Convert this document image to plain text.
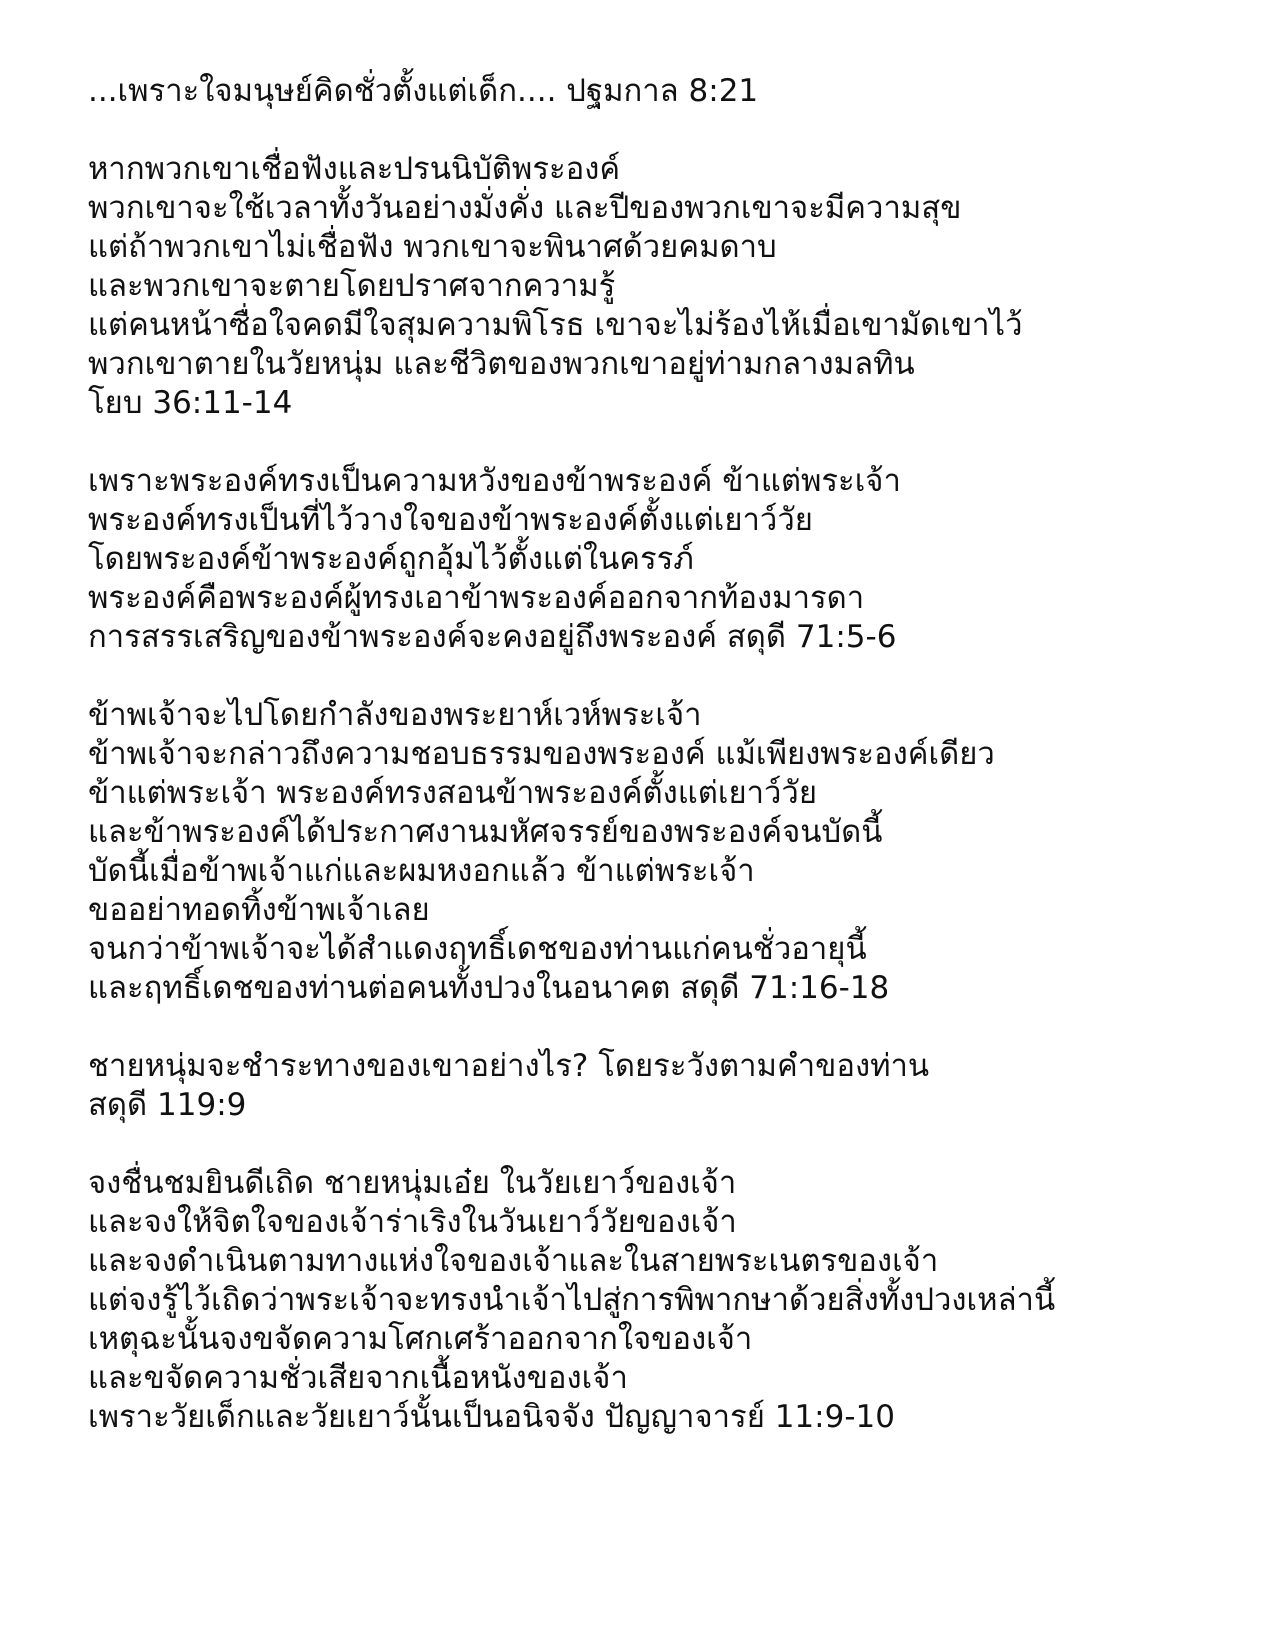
...เพราะใจมนุษย์คิดชั่วตั้งแต่เด็ก.... ปฐมกาล 8:21

หากพวกเขาเชื่อฟังและปรนนิบัติพระองค์
พวกเขาจะใช้เวลาทั้งวันอย่างมั่งคั่ง และปีของพวกเขาจะมีความสุข
แต่ถ้าพวกเขาไม่เชื่อฟัง พวกเขาจะพินาศด้วยคมดาบ
และพวกเขาจะตายโดยปราศจากความรู้
แต่คนหน้าซื่อใจคดมีใจสุมความพิโรธ เขาจะไม่ร้องไห้เมื่อเขามัดเขาไว้
พวกเขาตายในวัยหนุ่ม และชีวิตของพวกเขาอยู่ท่ามกลางมลทิน
โยบ 36:11-14

เพราะพระองค์ทรงเป็นความหวังของข้าพระองค์ ข้าแต่พระเจ้า
พระองค์ทรงเป็นที่ไว้วางใจของข้าพระองค์ตั้งแต่เยาว์วัย
โดยพระองค์ข้าพระองค์ถูกอุ้มไว้ตั้งแต่ในครรภ์
พระองค์คือพระองค์ผู้ทรงเอาข้าพระองค์ออกจากท้องมารดา
การสรรเสริญของข้าพระองค์จะคงอยู่ถึงพระองค์ สดุดี 71:5-6

ข้าพเจ้าจะไปโดยกำลังของพระยาห์เวห์พระเจ้า
ข้าพเจ้าจะกล่าวถึงความชอบธรรมของพระองค์ แม้เพียงพระองค์เดียว
ข้าแต่พระเจ้า พระองค์ทรงสอนข้าพระองค์ตั้งแต่เยาว์วัย
และข้าพระองค์ได้ประกาศงานมหัศจรรย์ของพระองค์จนบัดนี้
บัดนี้เมื่อข้าพเจ้าแก่และผมหงอกแล้ว ข้าแต่พระเจ้า
ขออย่าทอดทิ้งข้าพเจ้าเลย
จนกว่าข้าพเจ้าจะได้สำแดงฤทธิ์เดชของท่านแก่คนชั่วอายุนี้
และฤทธิ์เดชของท่านต่อคนทั้งปวงในอนาคต สดุดี 71:16-18

ชายหนุ่มจะชำระทางของเขาอย่างไร? โดยระวังตามคำของท่าน
สดุดี 119:9

จงชื่นชมยินดีเถิด ชายหนุ่มเอ๋ย ในวัยเยาว์ของเจ้า
และจงให้จิตใจของเจ้าร่าเริงในวันเยาว์วัยของเจ้า
และจงดำเนินตามทางแห่งใจของเจ้าและในสายพระเนตรของเจ้า
แต่จงรู้ไว้เถิดว่าพระเจ้าจะทรงนำเจ้าไปสู่การพิพากษาด้วยสิ่งทั้งปวงเหล่านี้
เหตุฉะนั้นจงขจัดความโศกเศร้าออกจากใจของเจ้า
และขจัดความชั่วเสียจากเนื้อหนังของเจ้า
เพราะวัยเด็กและวัยเยาว์นั้นเป็นอนิจจัง ปัญญาจารย์ 11:9-10
